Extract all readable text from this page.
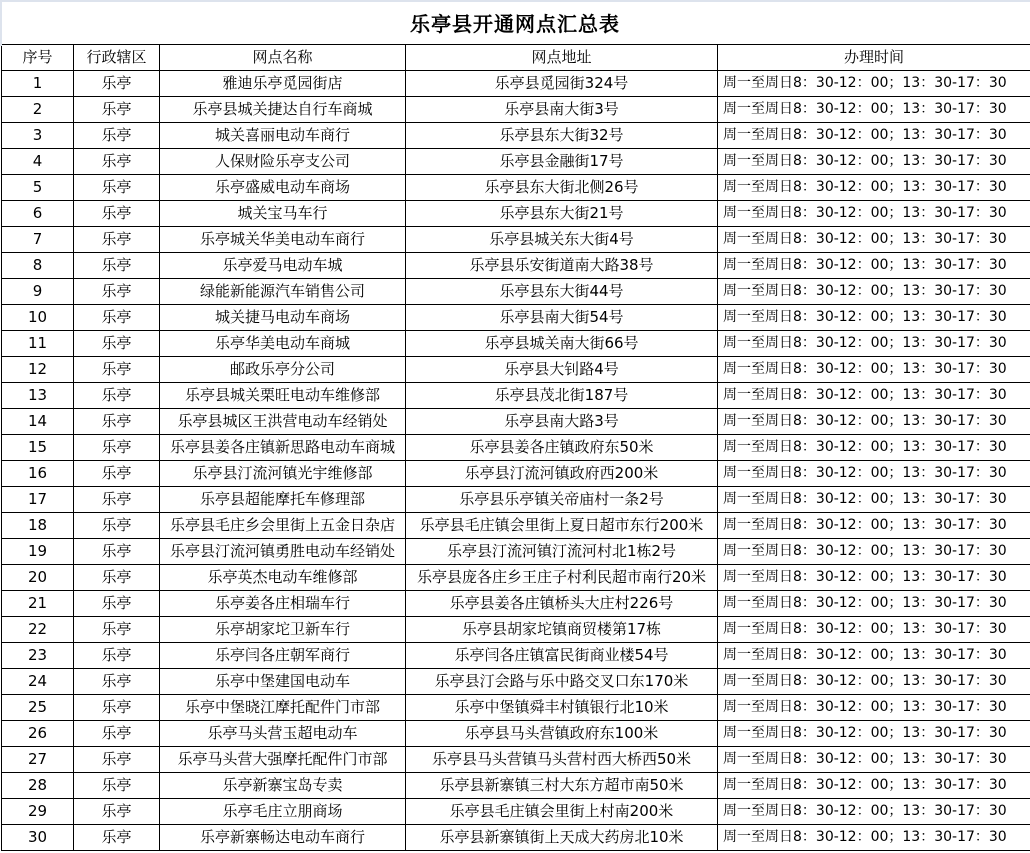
乐亭县开通网点汇总表
序号	行政辖区	网点名称	网点地址	办理时间
1	乐亭	雅迪乐亭觅园街店	乐亭县觅园街324号	周一至周日8：30-12：00；13：30-17：30
2	乐亭	乐亭县城关捷达自行车商城	乐亭县南大街3号	周一至周日8：30-12：00；13：30-17：30
3	乐亭	城关喜丽电动车商行	乐亭县东大街32号	周一至周日8：30-12：00；13：30-17：30
4	乐亭	人保财险乐亭支公司	乐亭县金融街17号	周一至周日8：30-12：00；13：30-17：30
5	乐亭	乐亭盛威电动车商场	乐亭县东大街北侧26号	周一至周日8：30-12：00；13：30-17：30
6	乐亭	城关宝马车行	乐亭县东大街21号	周一至周日8：30-12：00；13：30-17：30
7	乐亭	乐亭城关华美电动车商行	乐亭县城关东大街4号	周一至周日8：30-12：00；13：30-17：30
8	乐亭	乐亭爱马电动车城	乐亭县乐安街道南大路38号	周一至周日8：30-12：00；13：30-17：30
9	乐亭	绿能新能源汽车销售公司	乐亭县东大街44号	周一至周日8：30-12：00；13：30-17：30
10	乐亭	城关捷马电动车商场	乐亭县南大街54号	周一至周日8：30-12：00；13：30-17：30
11	乐亭	乐亭华美电动车商城	乐亭县城关南大街66号	周一至周日8：30-12：00；13：30-17：30
12	乐亭	邮政乐亭分公司	乐亭县大钊路4号	周一至周日8：30-12：00；13：30-17：30
13	乐亭	乐亭县城关栗旺电动车维修部	乐亭县茂北街187号	周一至周日8：30-12：00；13：30-17：30
14	乐亭	乐亭县城区王洪营电动车经销处	乐亭县南大路3号	周一至周日8：30-12：00；13：30-17：30
15	乐亭	乐亭县姜各庄镇新思路电动车商城	乐亭县姜各庄镇政府东50米	周一至周日8：30-12：00；13：30-17：30
16	乐亭	乐亭县汀流河镇光宇维修部	乐亭县汀流河镇政府西200米	周一至周日8：30-12：00；13：30-17：30
17	乐亭	乐亭县超能摩托车修理部	乐亭县乐亭镇关帝庙村一条2号	周一至周日8：30-12：00；13：30-17：30
18	乐亭	乐亭县毛庄乡会里街上五金日杂店	乐亭县毛庄镇会里街上夏日超市东行200米	周一至周日8：30-12：00；13：30-17：30
19	乐亭	乐亭县汀流河镇勇胜电动车经销处	乐亭县汀流河镇汀流河村北1栋2号	周一至周日8：30-12：00；13：30-17：30
20	乐亭	乐亭英杰电动车维修部	乐亭县庞各庄乡王庄子村利民超市南行20米	周一至周日8：30-12：00；13：30-17：30
21	乐亭	乐亭姜各庄相瑞车行	乐亭县姜各庄镇桥头大庄村226号	周一至周日8：30-12：00；13：30-17：30
22	乐亭	乐亭胡家坨卫新车行	乐亭县胡家坨镇商贸楼第17栋	周一至周日8：30-12：00；13：30-17：30
23	乐亭	乐亭闫各庄朝军商行	乐亭闫各庄镇富民街商业楼54号	周一至周日8：30-12：00；13：30-17：30
24	乐亭	乐亭中堡建国电动车	乐亭县汀会路与乐中路交叉口东170米	周一至周日8：30-12：00；13：30-17：30
25	乐亭	乐亭中堡晓江摩托配件门市部	乐亭中堡镇舜丰村镇银行北10米	周一至周日8：30-12：00；13：30-17：30
26	乐亭	乐亭马头营玉超电动车	乐亭县马头营镇政府东100米	周一至周日8：30-12：00；13：30-17：30
27	乐亭	乐亭马头营大强摩托配件门市部	乐亭县马头营镇马头营村西大桥西50米	周一至周日8：30-12：00；13：30-17：30
28	乐亭	乐亭新寨宝岛专卖	乐亭县新寨镇三村大东方超市南50米	周一至周日8：30-12：00；13：30-17：30
29	乐亭	乐亭毛庄立朋商场	乐亭县毛庄镇会里街上村南200米	周一至周日8：30-12：00；13：30-17：30
30	乐亭	乐亭新寨畅达电动车商行	乐亭县新寨镇街上天成大药房北10米	周一至周日8：30-12：00；13：30-17：30
